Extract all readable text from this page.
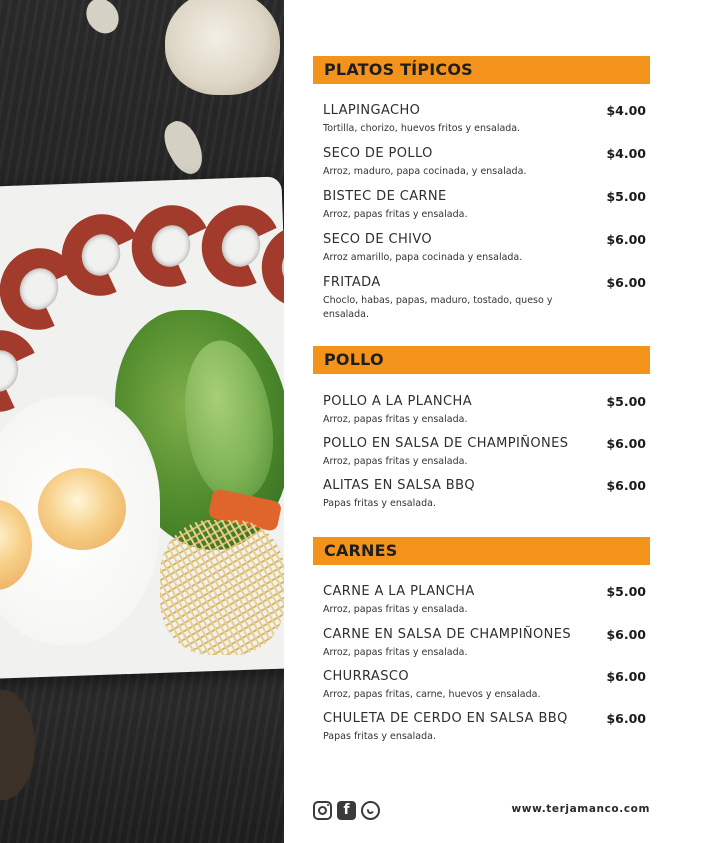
PLATOS TÍPICOS
LLAPINGACHO	$4.00
Tortilla, chorizo, huevos fritos y ensalada.
SECO DE POLLO	$4.00
Arroz, maduro, papa cocinada, y ensalada.
BISTEC DE CARNE	$5.00
Arroz, papas fritas y ensalada.
SECO DE CHIVO	$6.00
Arroz amarillo, papa cocinada y ensalada.
FRITADA	$6.00
Choclo, habas, papas, maduro, tostado, queso y ensalada.
POLLO
POLLO A LA PLANCHA	$5.00
Arroz, papas fritas y ensalada.
POLLO EN SALSA DE CHAMPIÑONES	$6.00
Arroz, papas fritas y ensalada.
ALITAS EN SALSA BBQ	$6.00
Papas fritas y ensalada.
CARNES
CARNE A LA PLANCHA	$5.00
Arroz, papas fritas y ensalada.
CARNE EN SALSA DE CHAMPIÑONES	$6.00
Arroz, papas fritas y ensalada.
CHURRASCO	$6.00
Arroz, papas fritas, carne, huevos y ensalada.
CHULETA DE CERDO EN SALSA BBQ	$6.00
Papas fritas y ensalada.
f	www.terjamanco.com
